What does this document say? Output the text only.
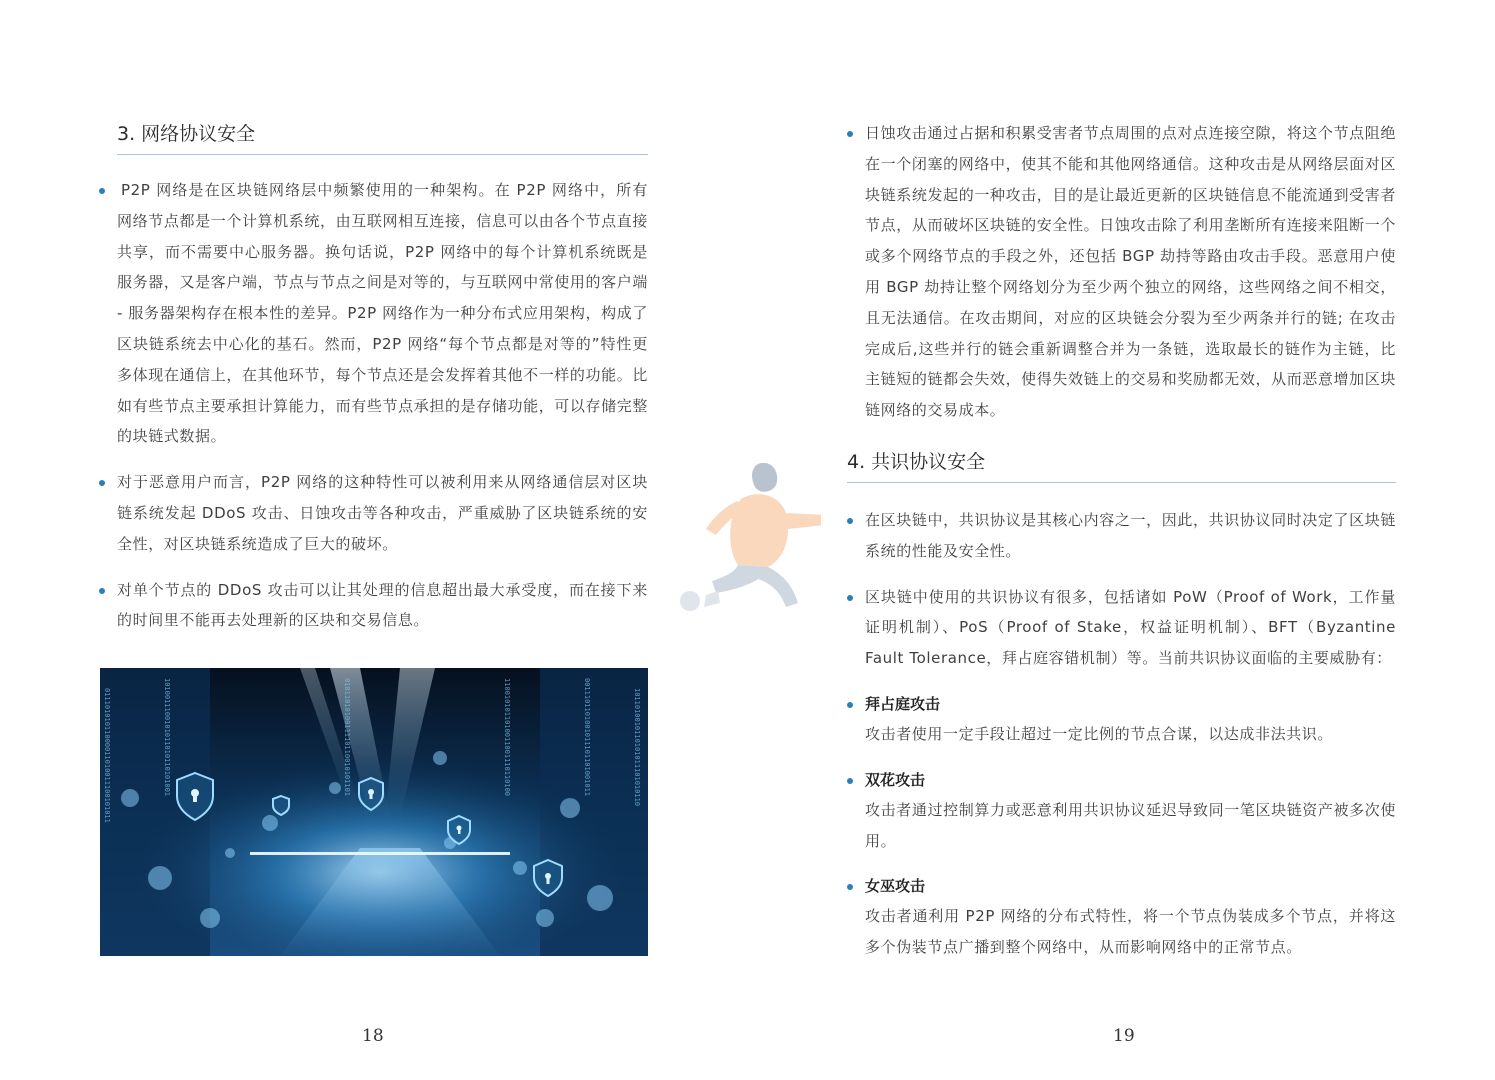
3. 网络协议安全
P2P 网络是在区块链网络层中频繁使用的一种架构。在 P2P 网络中，所有网络节点都是一个计算机系统，由互联网相互连接，信息可以由各个节点直接共享，而不需要中心服务器。换句话说，P2P 网络中的每个计算机系统既是服务器，又是客户端，节点与节点之间是对等的，与互联网中常使用的客户端 - 服务器架构存在根本性的差异。P2P 网络作为一种分布式应用架构，构成了区块链系统去中心化的基石。然而，P2P 网络“每个节点都是对等的”特性更多体现在通信上，在其他环节，每个节点还是会发挥着其他不一样的功能。比如有些节点主要承担计算能力，而有些节点承担的是存储功能，可以存储完整的块链式数据。
对于恶意用户而言，P2P 网络的这种特性可以被利用来从网络通信层对区块链系统发起 DDoS 攻击、日蚀攻击等各种攻击，严重威胁了区块链系统的安全性，对区块链系统造成了巨大的破坏。
对单个节点的 DDoS 攻击可以让其处理的信息超出最大承受度，而在接下来的时间里不能再去处理新的区块和交易信息。
01110101011000011010011100101011	1010011100101011010110101001	0101101010011110110010101101	1100101011010011001110110100	0011101101001011101101001011	1011010010110101011101010110
日蚀攻击通过占据和积累受害者节点周围的点对点连接空隙，将这个节点阻绝在一个闭塞的网络中，使其不能和其他网络通信。这种攻击是从网络层面对区块链系统发起的一种攻击，目的是让最近更新的区块链信息不能流通到受害者节点，从而破坏区块链的安全性。日蚀攻击除了利用垄断所有连接来阻断一个或多个网络节点的手段之外，还包括 BGP 劫持等路由攻击手段。恶意用户使用 BGP 劫持让整个网络划分为至少两个独立的网络，这些网络之间不相交，且无法通信。在攻击期间，对应的区块链会分裂为至少两条并行的链; 在攻击完成后,这些并行的链会重新调整合并为一条链，选取最长的链作为主链，比主链短的链都会失效，使得失效链上的交易和奖励都无效，从而恶意增加区块链网络的交易成本。
4. 共识协议安全
在区块链中，共识协议是其核心内容之一，因此，共识协议同时决定了区块链系统的性能及安全性。
区块链中使用的共识协议有很多，包括诸如 PoW（Proof of Work，工作量证明机制）、PoS（Proof of Stake，权益证明机制）、BFT（Byzantine Fault Tolerance，拜占庭容错机制）等。当前共识协议面临的主要威胁有：
拜占庭攻击
攻击者使用一定手段让超过一定比例的节点合谋，以达成非法共识。
双花攻击
攻击者通过控制算力或恶意利用共识协议延迟导致同一笔区块链资产被多次使用。
女巫攻击
攻击者通利用 P2P 网络的分布式特性，将一个节点伪装成多个节点，并将这多个伪装节点广播到整个网络中，从而影响网络中的正常节点。
18	19
